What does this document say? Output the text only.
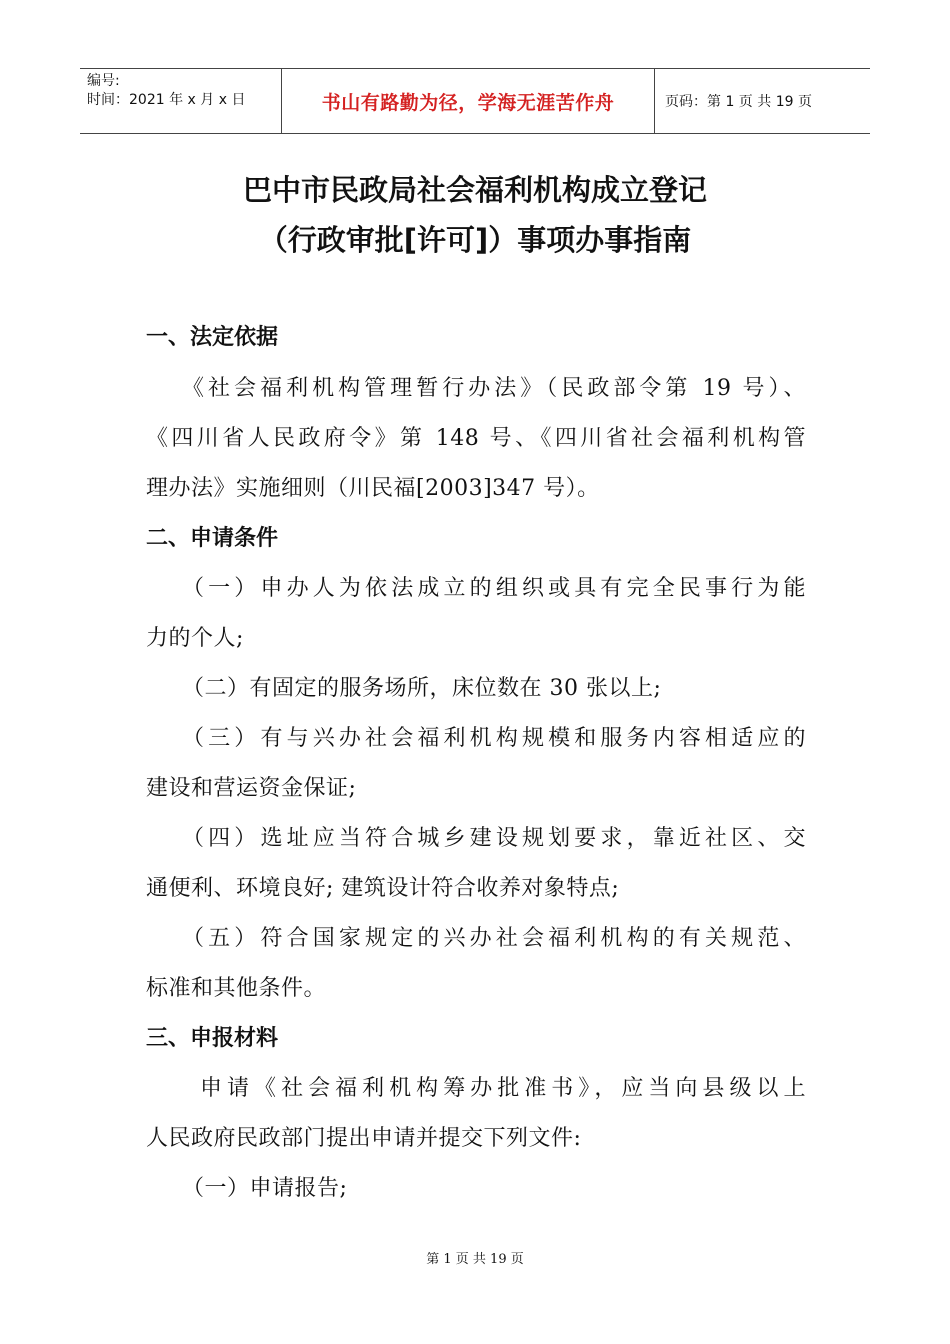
编号:
时间：2021 年 x 月 x 日	书山有路勤为径，学海无涯苦作舟	页码：第 1 页 共 19 页
巴中市民政局社会福利机构成立登记
（行政审批[许可]）事项办事指南
一、法定依据
《社会福利机构管理暂行办法》（民政部令第 19 号）、
《四川省人民政府令》第 148 号、《四川省社会福利机构管
理办法》实施细则（川民福[2003]347 号）。
二、申请条件
（一）申办人为依法成立的组织或具有完全民事行为能
力的个人;
（二）有固定的服务场所，床位数在 30 张以上;
（三）有与兴办社会福利机构规模和服务内容相适应的
建设和营运资金保证;
（四）选址应当符合城乡建设规划要求，靠近社区、交
通便利、环境良好; 建筑设计符合收养对象特点;
（五）符合国家规定的兴办社会福利机构的有关规范、
标准和其他条件。
三、申报材料
申请《社会福利机构筹办批准书》，应当向县级以上
人民政府民政部门提出申请并提交下列文件:
（一）申请报告;
第 1 页 共 19 页
